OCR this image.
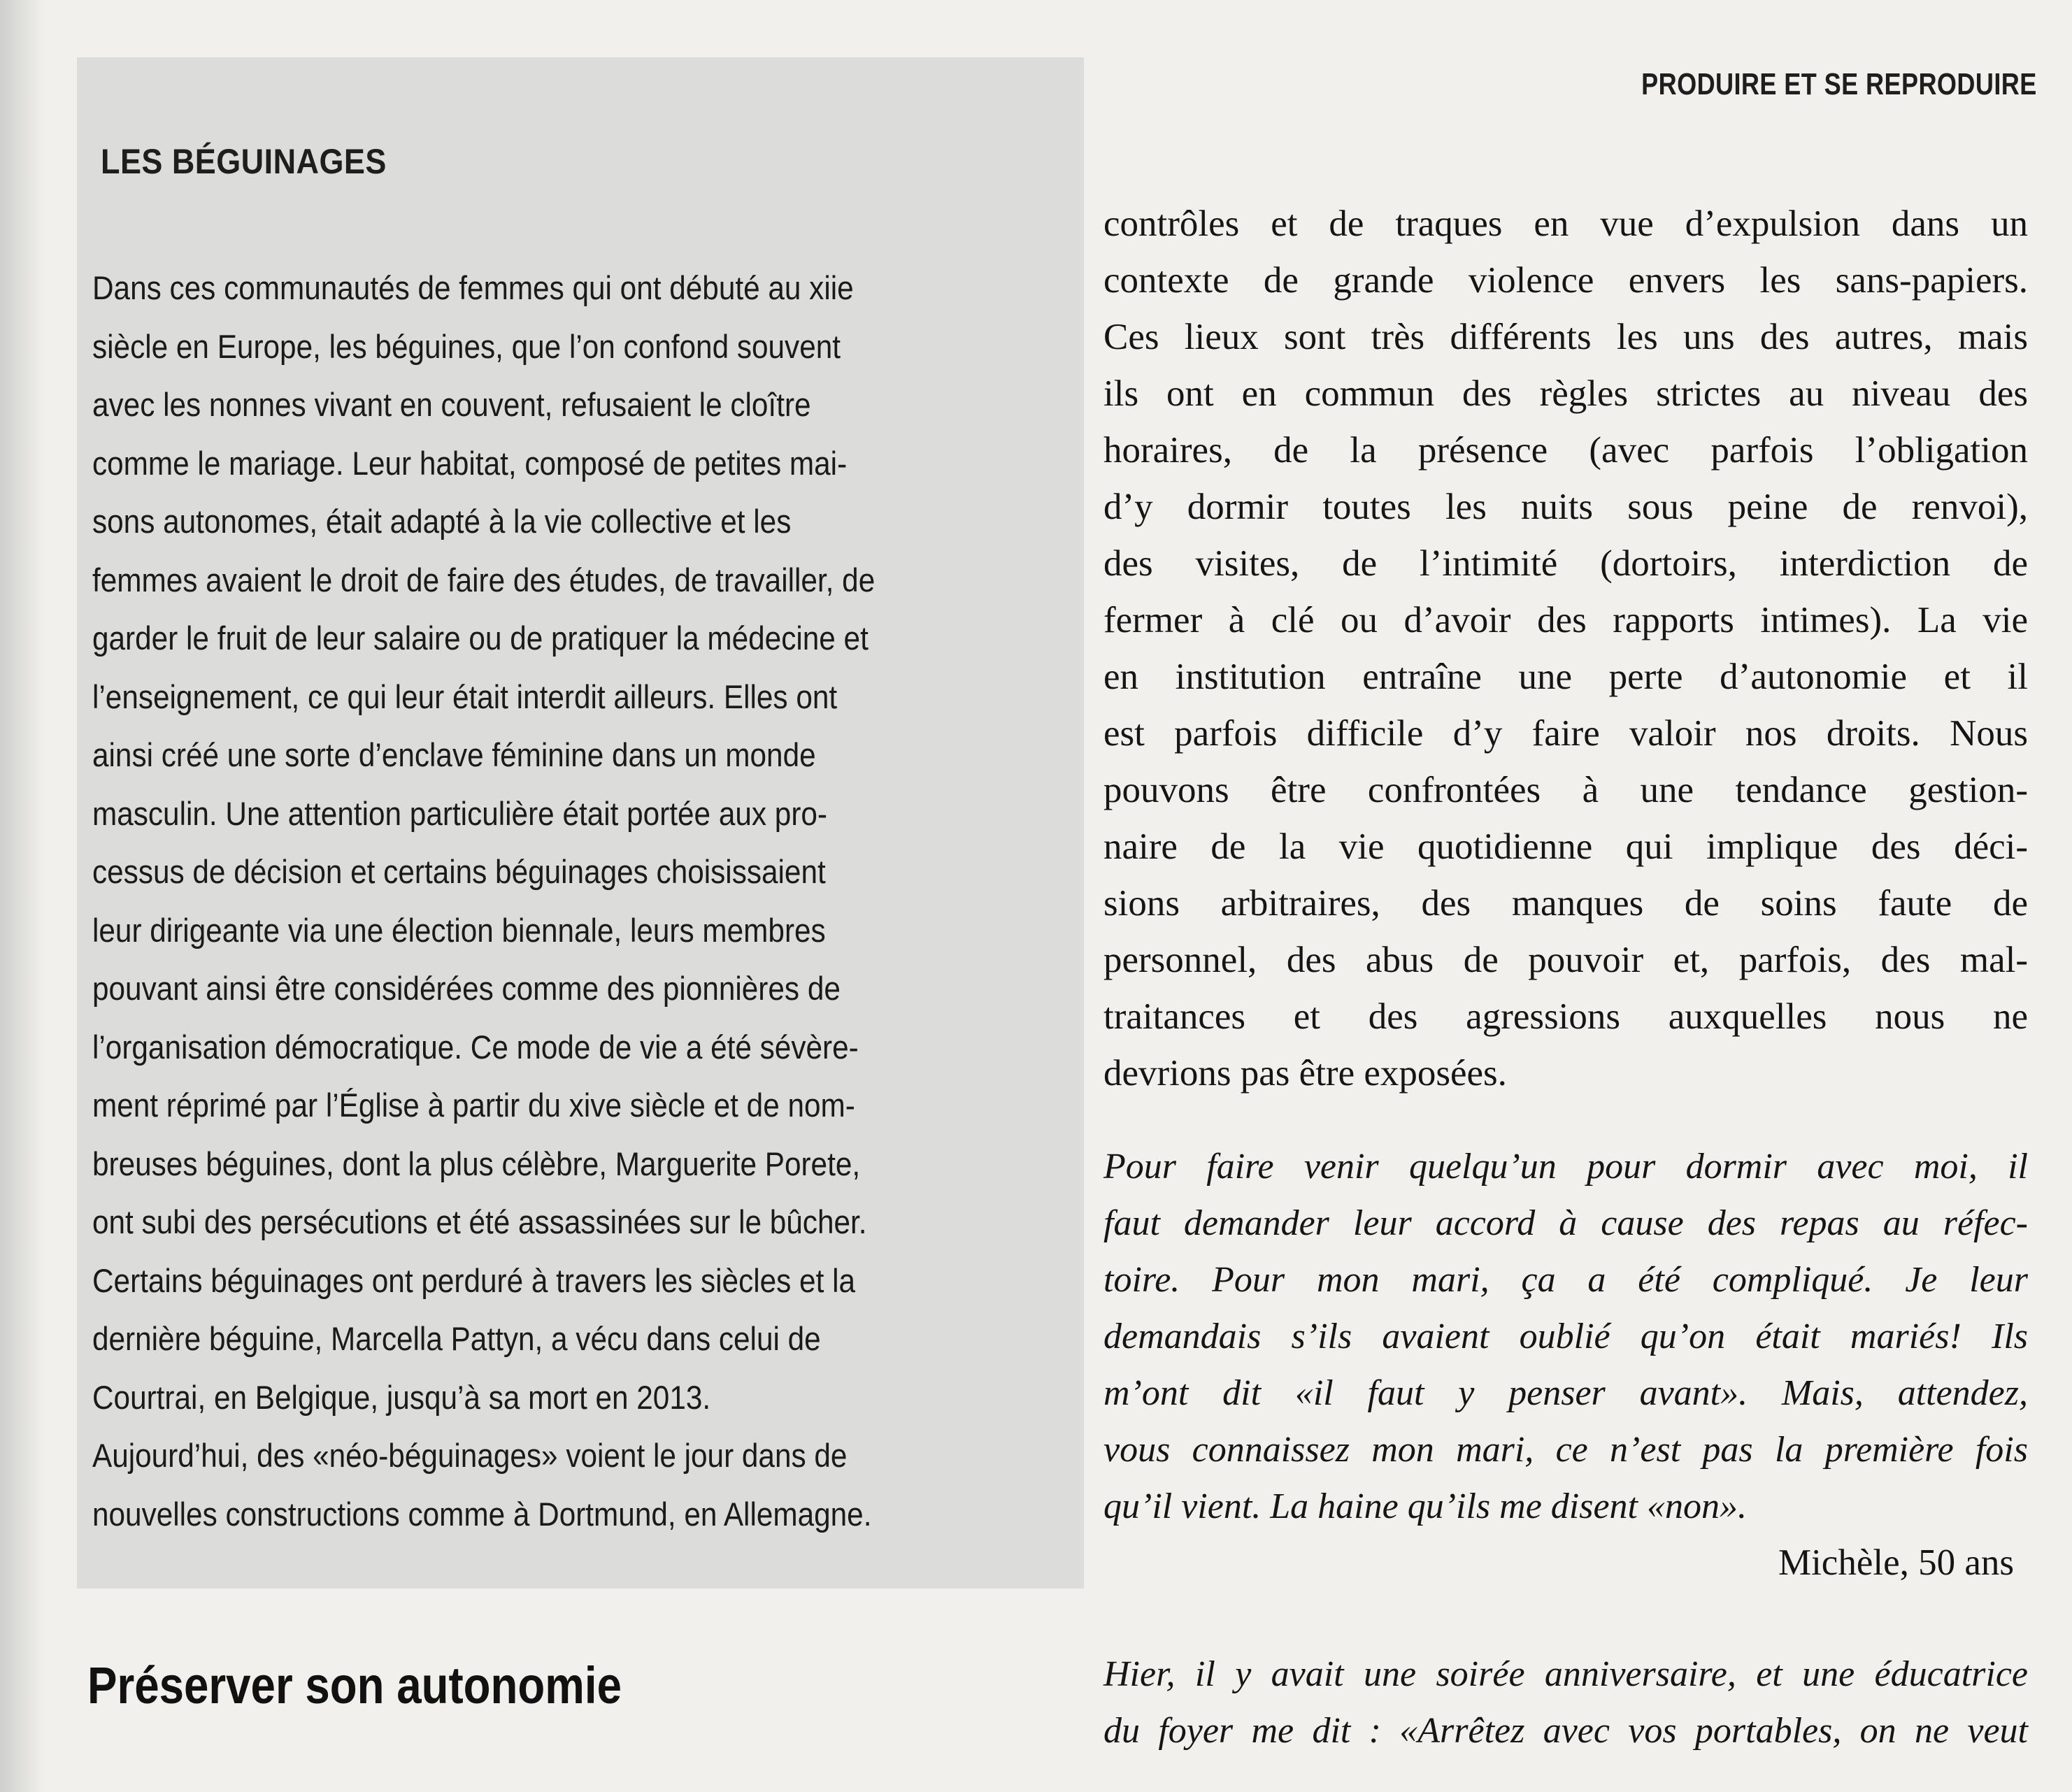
PRODUIRE ET SE REPRODUIRE
LES BÉGUINAGES
Dans ces communautés de femmes qui ont débuté au xiie
siècle en Europe, les béguines, que l’on confond souvent
avec les nonnes vivant en couvent, refusaient le cloître
comme le mariage. Leur habitat, composé de petites mai-
sons autonomes, était adapté à la vie collective et les
femmes avaient le droit de faire des études, de travailler, de
garder le fruit de leur salaire ou de pratiquer la médecine et
l’enseignement, ce qui leur était interdit ailleurs. Elles ont
ainsi créé une sorte d’enclave féminine dans un monde
masculin. Une attention particulière était portée aux pro-
cessus de décision et certains béguinages choisissaient
leur dirigeante via une élection biennale, leurs membres
pouvant ainsi être considérées comme des pionnières de
l’organisation démocratique. Ce mode de vie a été sévère-
ment réprimé par l’Église à partir du xive siècle et de nom-
breuses béguines, dont la plus célèbre, Marguerite Porete,
ont subi des persécutions et été assassinées sur le bûcher.
Certains béguinages ont perduré à travers les siècles et la
dernière béguine, Marcella Pattyn, a vécu dans celui de
Courtrai, en Belgique, jusqu’à sa mort en 2013.
Aujourd’hui, des «néo-béguinages» voient le jour dans de
nouvelles constructions comme à Dortmund, en Allemagne.
Préserver son autonomie
contrôles et de traques en vue d’expulsion dans un
contexte de grande violence envers les sans-papiers.
Ces lieux sont très différents les uns des autres, mais
ils ont en commun des règles strictes au niveau des
horaires, de la présence (avec parfois l’obligation
d’y dormir toutes les nuits sous peine de renvoi),
des visites, de l’intimité (dortoirs, interdiction de
fermer à clé ou d’avoir des rapports intimes). La vie
en institution entraîne une perte d’autonomie et il
est parfois difficile d’y faire valoir nos droits. Nous
pouvons être confrontées à une tendance gestion-
naire de la vie quotidienne qui implique des déci-
sions arbitraires, des manques de soins faute de
personnel, des abus de pouvoir et, parfois, des mal-
traitances et des agressions auxquelles nous ne
devrions pas être exposées.
Pour faire venir quelqu’un pour dormir avec moi, il
faut demander leur accord à cause des repas au réfec-
toire. Pour mon mari, ça a été compliqué. Je leur
demandais s’ils avaient oublié qu’on était mariés! Ils
m’ont dit «il faut y penser avant». Mais, attendez,
vous connaissez mon mari, ce n’est pas la première fois
qu’il vient. La haine qu’ils me disent «non».
Michèle, 50 ans
Hier, il y avait une soirée anniversaire, et une éducatrice
du foyer me dit : «Arrêtez avec vos portables, on ne veut
